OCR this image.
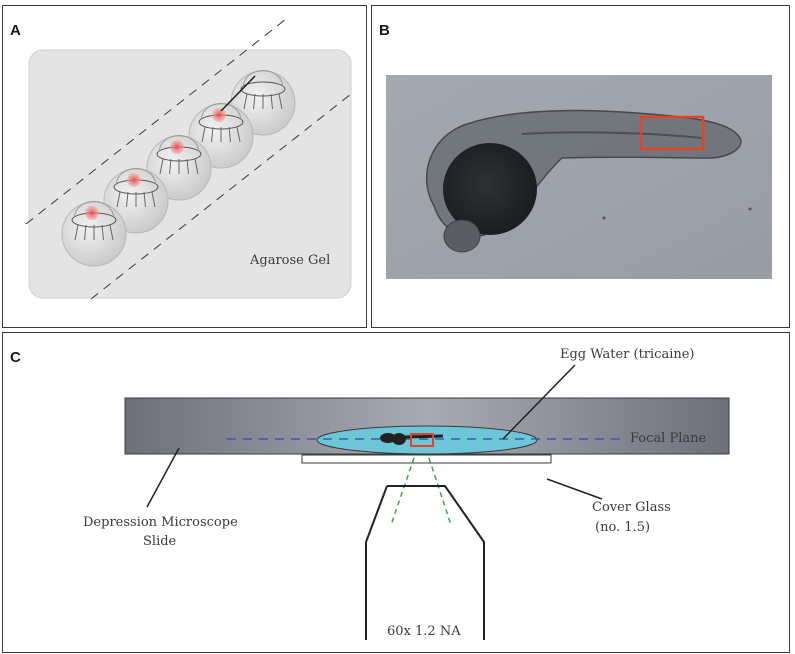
A
Agarose Gel
B
C
60x 1.2 NA
Egg Water (tricaine)
Focal Plane
Depression Microscope
Slide
Cover Glass
(no. 1.5)
